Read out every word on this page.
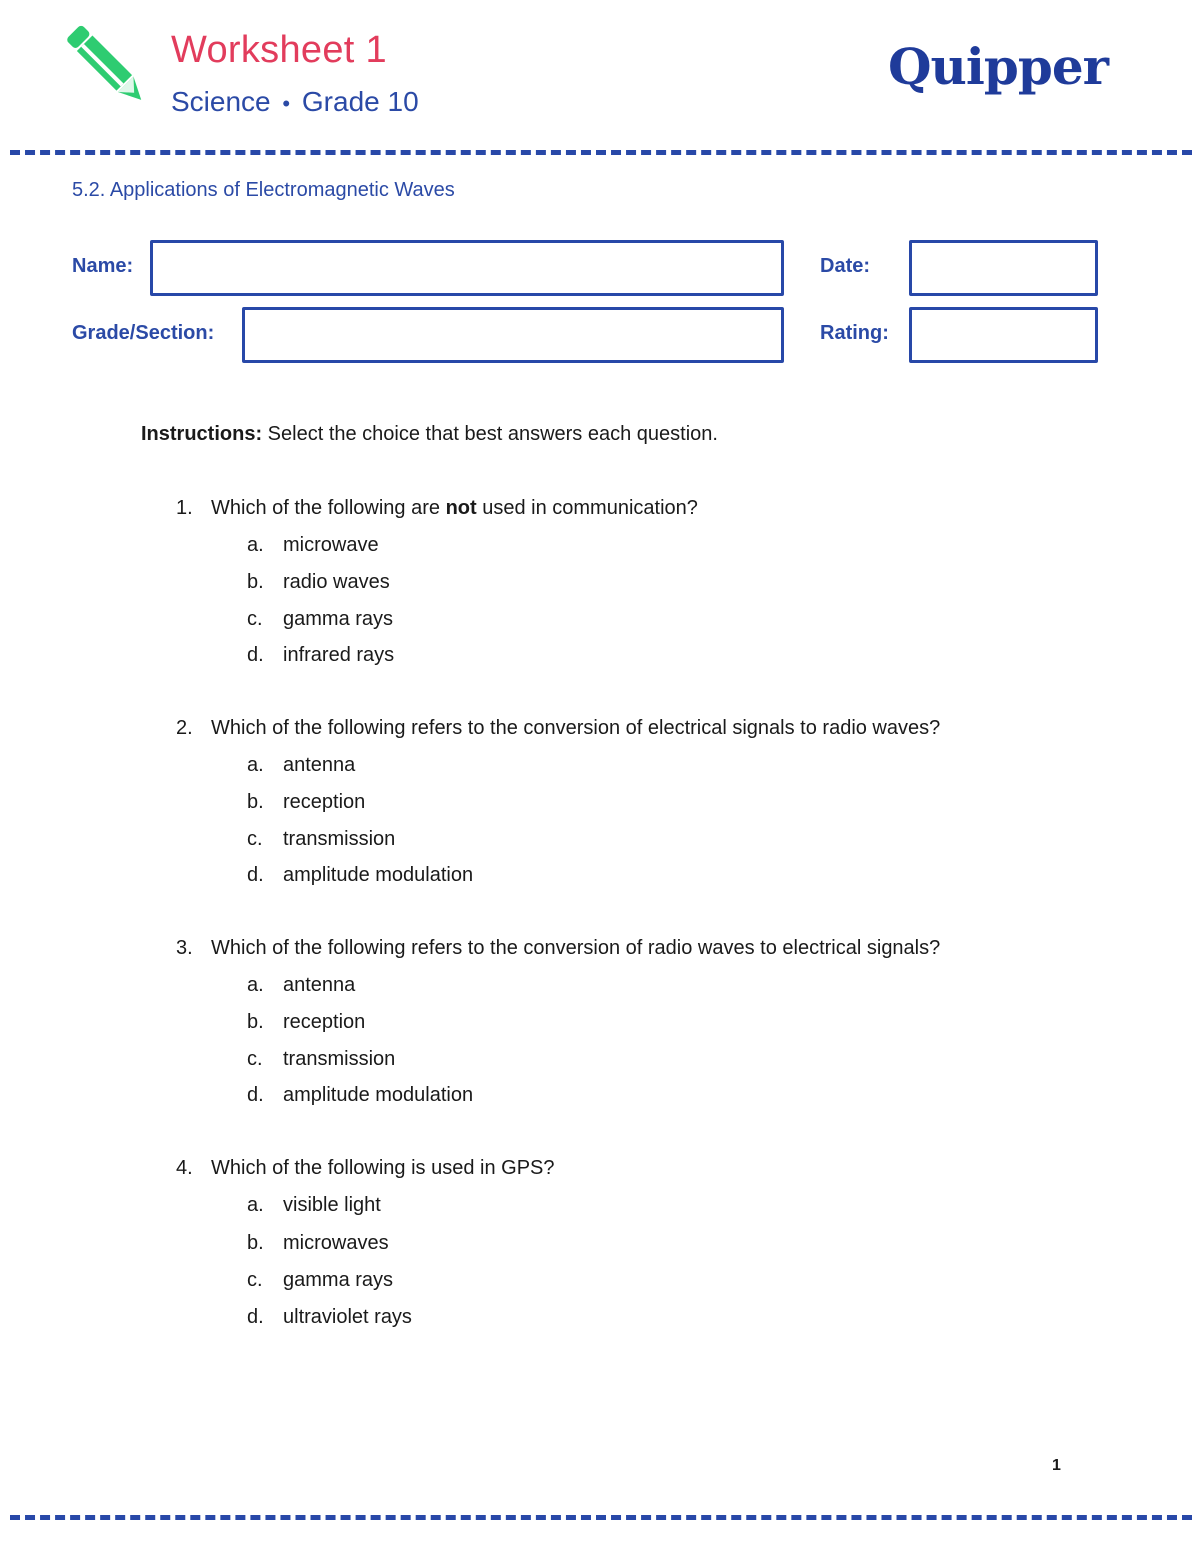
Worksheet 1
Science • Grade 10
Quipper
5.2. Applications of Electromagnetic Waves
Name:	Date:
Grade/Section:	Rating:
Instructions: Select the choice that best answers each question.
1. Which of the following are not used in communication?
a. microwave
b. radio waves
c. gamma rays
d. infrared rays
2. Which of the following refers to the conversion of electrical signals to radio waves?
a. antenna
b. reception
c. transmission
d. amplitude modulation
3. Which of the following refers to the conversion of radio waves to electrical signals?
a. antenna
b. reception
c. transmission
d. amplitude modulation
4. Which of the following is used in GPS?
a. visible light
b. microwaves
c. gamma rays
d. ultraviolet rays
1
